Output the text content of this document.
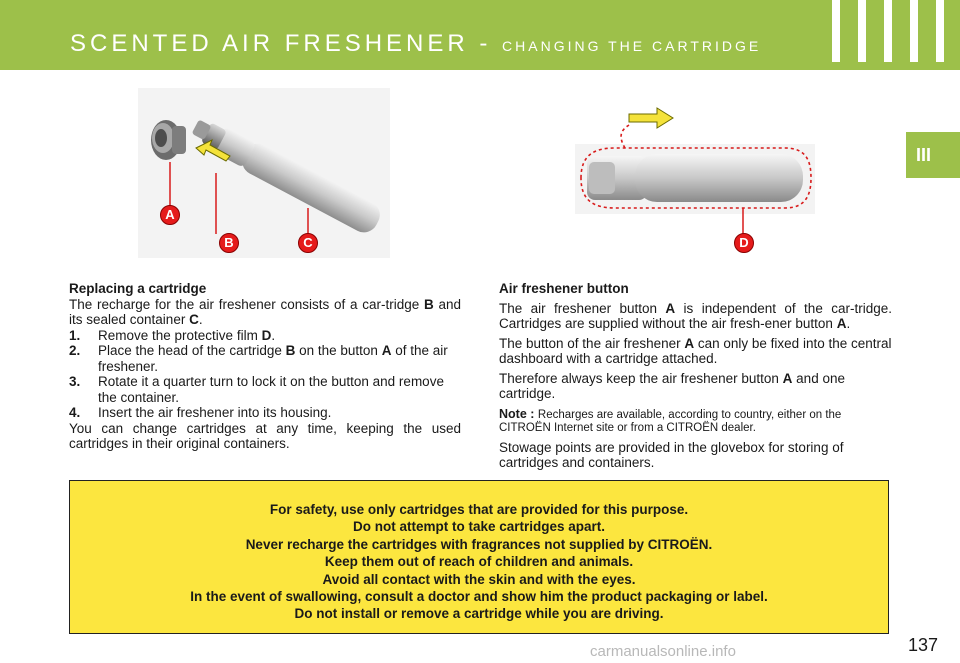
SCENTED AIR FRESHENER - CHANGING THE CARTRIDGE
III
A
B	C	D

Replacing a cartridge

The recharge for the air freshener consists of a car-tridge B and its sealed container C.

1.	Remove the protective film D.
2.	Place the head of the cartridge B on the button A of the air freshener.
3.	Rotate it a quarter turn to lock it on the button and remove the container.
4.	Insert the air freshener into its housing.

You can change cartridges at any time, keeping the used cartridges in their original containers.

Air freshener button

The air freshener button A is independent of the car-tridge. Cartridges are supplied without the air fresh-ener button A.

The button of the air freshener A can only be fixed into the central dashboard with a cartridge attached.

Therefore always keep the air freshener button A and one cartridge.

Note : Recharges are available, according to country, either on the CITROËN Internet site or from a CITROËN dealer.

Stowage points are provided in the glovebox for storing of cartridges and containers.

For safety, use only cartridges that are provided for this purpose.
Do not attempt to take cartridges apart.
Never recharge the cartridges with fragrances not supplied by CITROËN.
Keep them out of reach of children and animals.
Avoid all contact with the skin and with the eyes.
In the event of swallowing, consult a doctor and show him the product packaging or label.
Do not install or remove a cartridge while you are driving.
137
carmanualsonline.info
